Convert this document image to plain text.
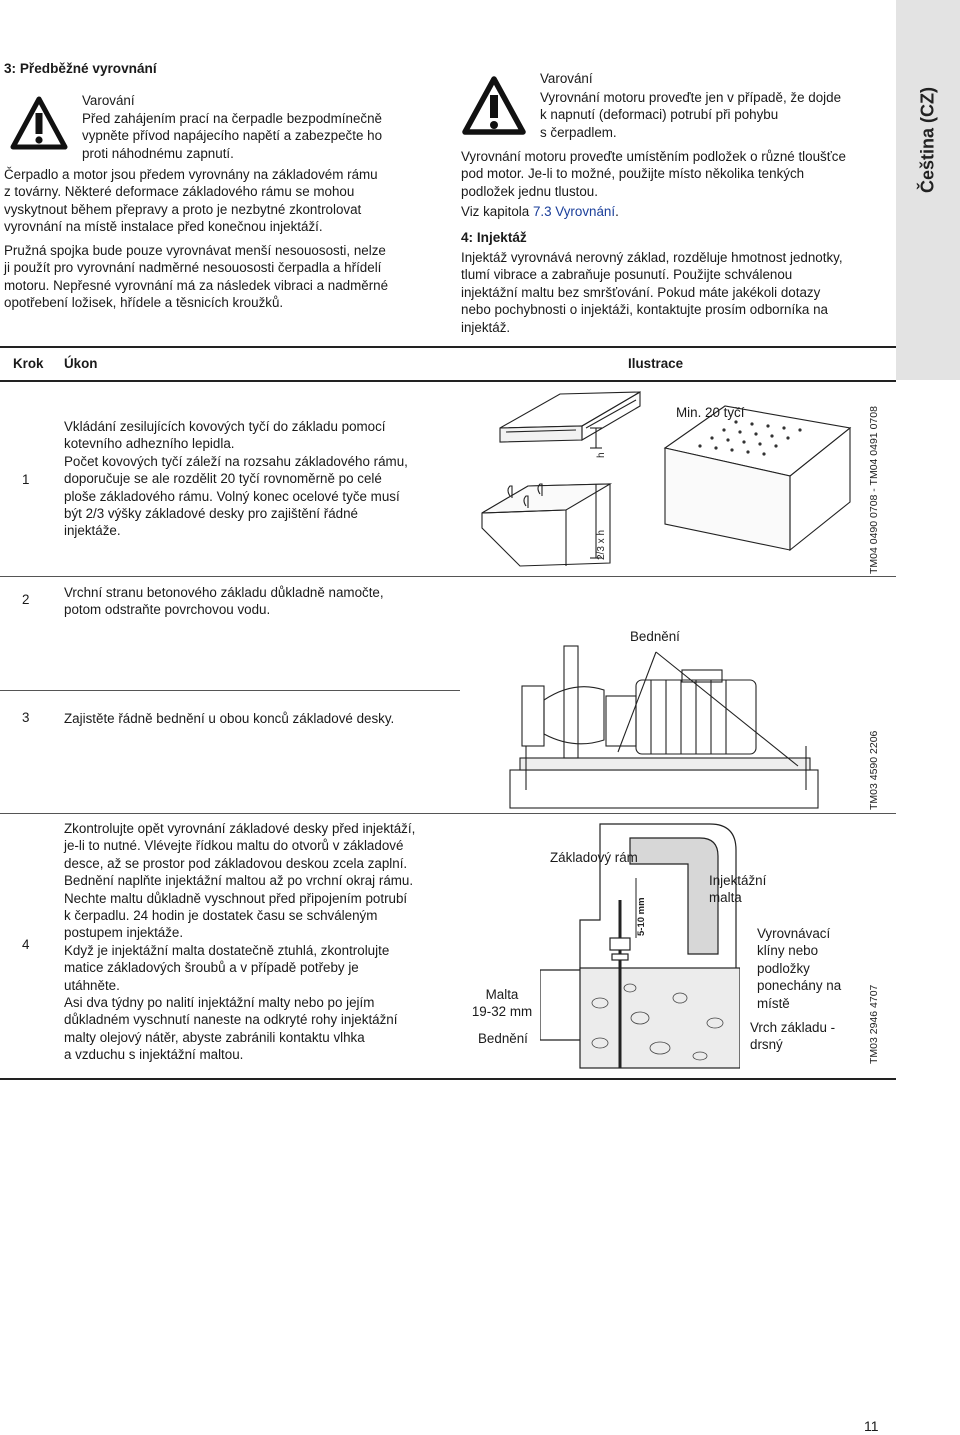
Čeština (CZ)
3: Předběžné vyrovnání
Varování
Před zahájením prací na čerpadle bezpodmínečně
vypněte přívod napájecího napětí a zabezpečte ho
proti náhodnému zapnutí.
Čerpadlo a motor jsou předem vyrovnány na základovém rámu
z továrny. Některé deformace základového rámu se mohou
vyskytnout během přepravy a proto je nezbytné zkontrolovat
vyrovnání na místě instalace před konečnou injektáží.
Pružná spojka bude pouze vyrovnávat menší nesouososti, nelze
ji použít pro vyrovnání nadměrné nesouososti čerpadla a hřídelí
motoru. Nepřesné vyrovnání má za následek vibraci a nadměrné
opotřebení ložisek, hřídele a těsnicích kroužků.
Varování
Vyrovnání motoru proveďte jen v případě, že dojde
k napnutí (deformaci) potrubí při pohybu
s čerpadlem.
Vyrovnání motoru proveďte umístěním podložek o různé tloušťce
pod motor. Je-li to možné, použijte místo několika tenkých
podložek jednu tlustou.
Viz kapitola 7.3 Vyrovnání.
4: Injektáž
Injektáž vyrovnává nerovný základ, rozděluje hmotnost jednotky,
tlumí vibrace a zabraňuje posunutí. Použijte schválenou
injektážní maltu bez smršťování. Pokud máte jakékoli dotazy
nebo pochybnosti o injektáži, kontaktujte prosím odborníka na
injektáž.
Krok Úkon	Ilustrace
1
Vkládání zesilujících kovových tyčí do základu pomocí
kotevního adhezního lepidla.
Počet kovových tyčí záleží na rozsahu základového rámu,
doporučuje se ale rozdělit 20 tyčí rovnoměrně po celé
ploše základového rámu. Volný konec ocelové tyče musí
být 2/3 výšky základové desky pro zajištění řádné
injektáže.
2	Vrchní stranu betonového základu důkladně namočte,
potom odstraňte povrchovou vodu.
3	Zajistěte řádně bednění u obou konců základové desky.
4
Zkontrolujte opět vyrovnání základové desky před injektáží,
je-li to nutné. Vlévejte řídkou maltu do otvorů v základové
desce, až se prostor pod základovou deskou zcela zaplní.
Bednění naplňte injektážní maltou až po vrchní okraj rámu.
Nechte maltu důkladně vyschnout před připojením potrubí
k čerpadlu. 24 hodin je dostatek času se schváleným
postupem injektáže.
Když je injektážní malta dostatečně ztuhlá, zkontrolujte
matice základových šroubů a v případě potřeby je
utáhněte.
Asi dva týdny po nalití injektážní malty nebo po jejím
důkladném vyschnutí naneste na odkryté rohy injektážní
malty olejový nátěr, abyste zabránili kontaktu vlhka
a vzduchu s injektážní maltou.
h
2/3 x h
Min. 20 tyčí	TM04 0490 0708 - TM04 0491 0708
Bednění
TM03 4590 2206
5-10 mm
Základový rám
Injektážní
malta
Vyrovnávací
klíny nebo
podložky
ponechány na
místě
Vrch základu -
drsný
Malta
19-32 mm
Bednění	TM03 2946 4707
11
